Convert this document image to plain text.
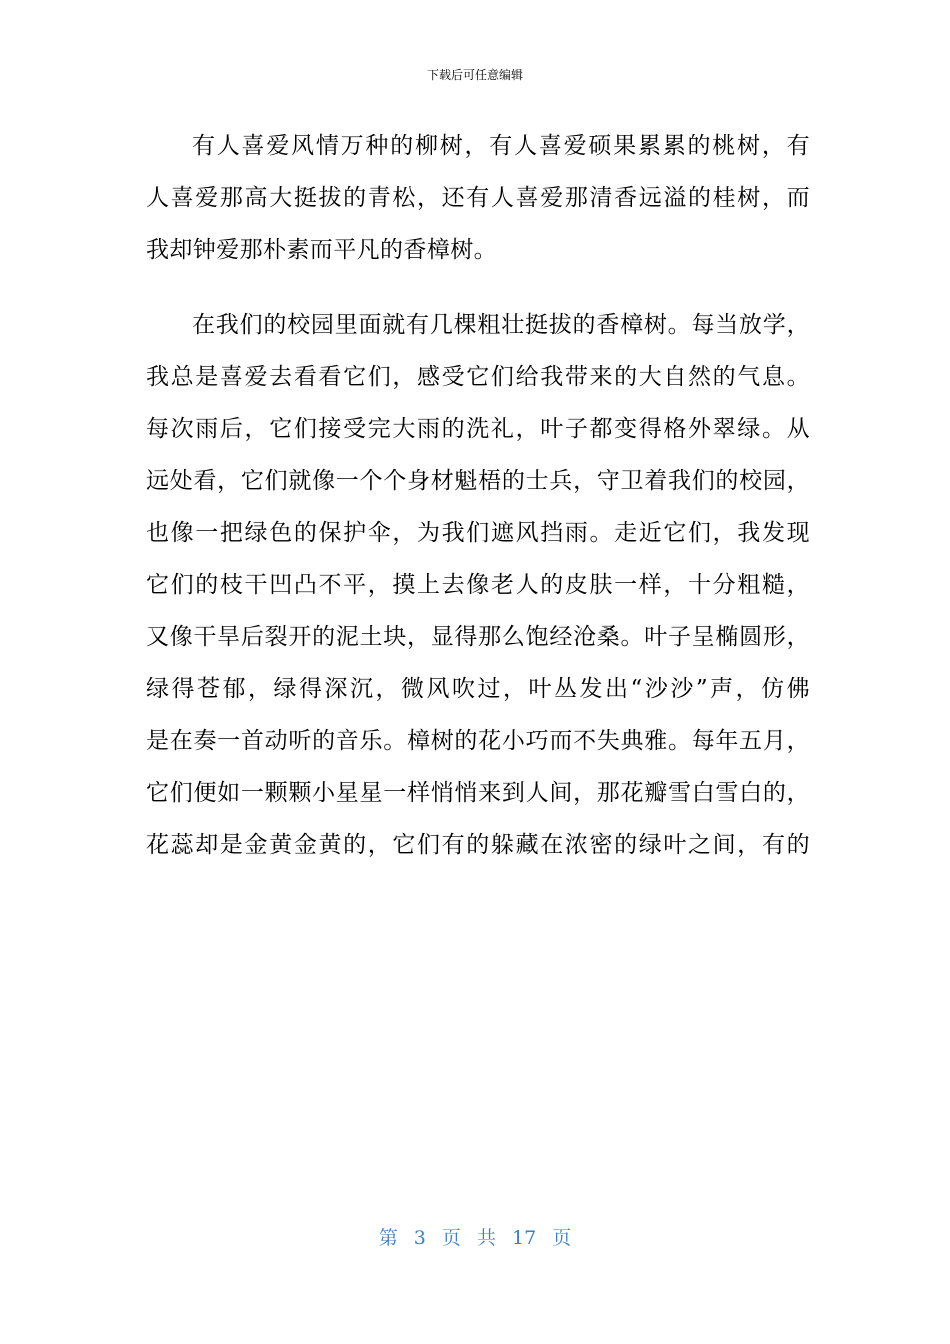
下载后可任意编辑
有人喜爱风情万种的柳树，有人喜爱硕果累累的桃树，有
人喜爱那高大挺拔的青松，还有人喜爱那清香远溢的桂树，而
我却钟爱那朴素而平凡的香樟树。
在我们的校园里面就有几棵粗壮挺拔的香樟树。每当放学，
我总是喜爱去看看它们，感受它们给我带来的大自然的气息。
每次雨后，它们接受完大雨的洗礼，叶子都变得格外翠绿。从
远处看，它们就像一个个身材魁梧的士兵，守卫着我们的校园，
也像一把绿色的保护伞，为我们遮风挡雨。走近它们，我发现
它们的枝干凹凸不平，摸上去像老人的皮肤一样，十分粗糙，
又像干旱后裂开的泥土块，显得那么饱经沧桑。叶子呈椭圆形，
绿得苍郁，绿得深沉，微风吹过，叶丛发出“沙沙”声，仿佛
是在奏一首动听的音乐。樟树的花小巧而不失典雅。每年五月，
它们便如一颗颗小星星一样悄悄来到人间，那花瓣雪白雪白的，
花蕊却是金黄金黄的，它们有的躲藏在浓密的绿叶之间，有的
第 3 页 共 17 页
